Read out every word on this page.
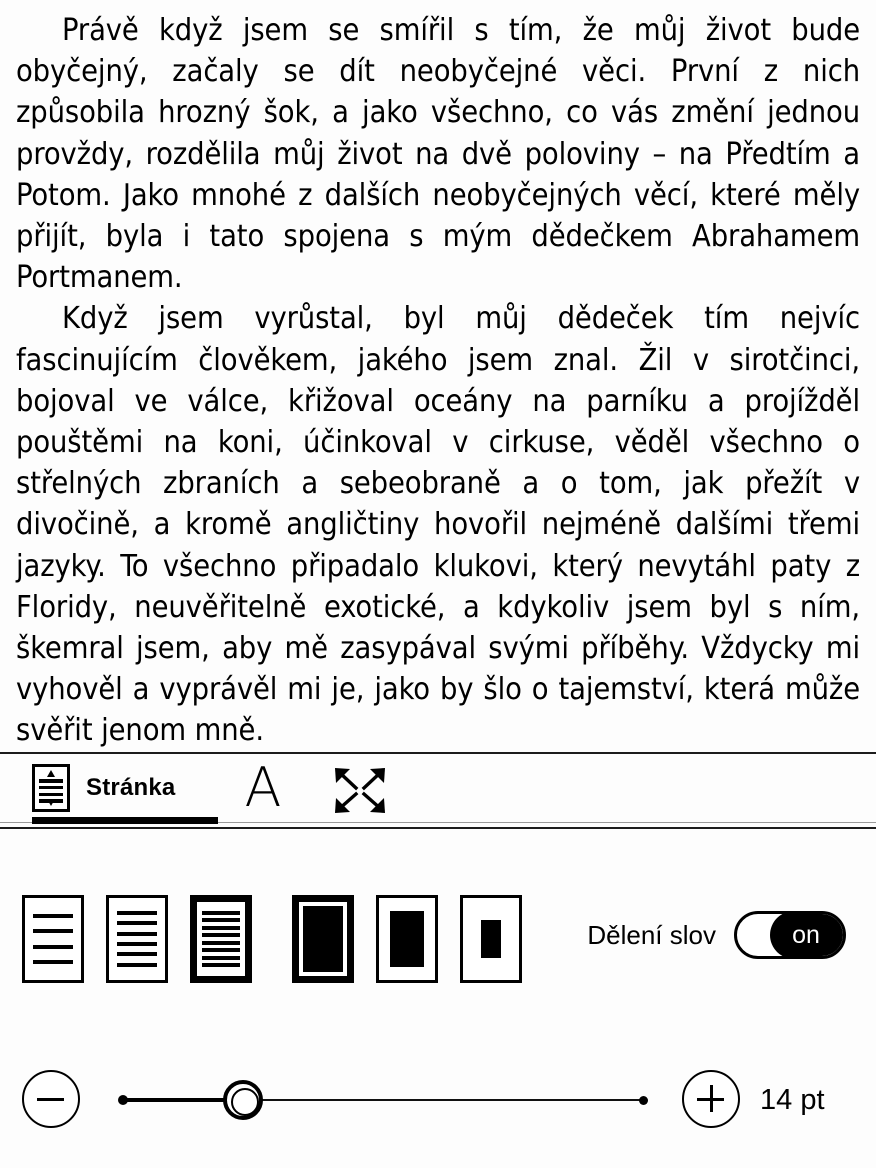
Právě když jsem se smířil s tím, že můj život bude obyčejný, začaly se dít neobyčejné věci. První z nich způsobila hrozný šok, a jako všechno, co vás změní jednou provždy, rozdělila můj život na dvě poloviny – na Předtím a Potom. Jako mnohé z dalších neobyčejných věcí, které měly přijít, byla i tato spojena s mým dědečkem Abrahamem Portmanem.

Když jsem vyrůstal, byl můj dědeček tím nejvíc fascinujícím člověkem, jakého jsem znal. Žil v sirotčinci, bojoval ve válce, křižoval oceány na parníku a projížděl pouštěmi na koni, účinkoval v cirkuse, věděl všechno o střelných zbraních a sebeobraně a o tom, jak přežít v divočině, a kromě angličtiny hovořil nejméně dalšími třemi jazyky. To všechno připadalo klukovi, který nevytáhl paty z Floridy, neuvěřitelně exotické, a kdykoliv jsem byl s ním, škemral jsem, aby mě zasypával svými příběhy. Vždycky mi vyhověl a vyprávěl mi je, jako by šlo o tajemství, která může svěřit jenom mně.

Stránka A
Dělení slov	on
14 pt
